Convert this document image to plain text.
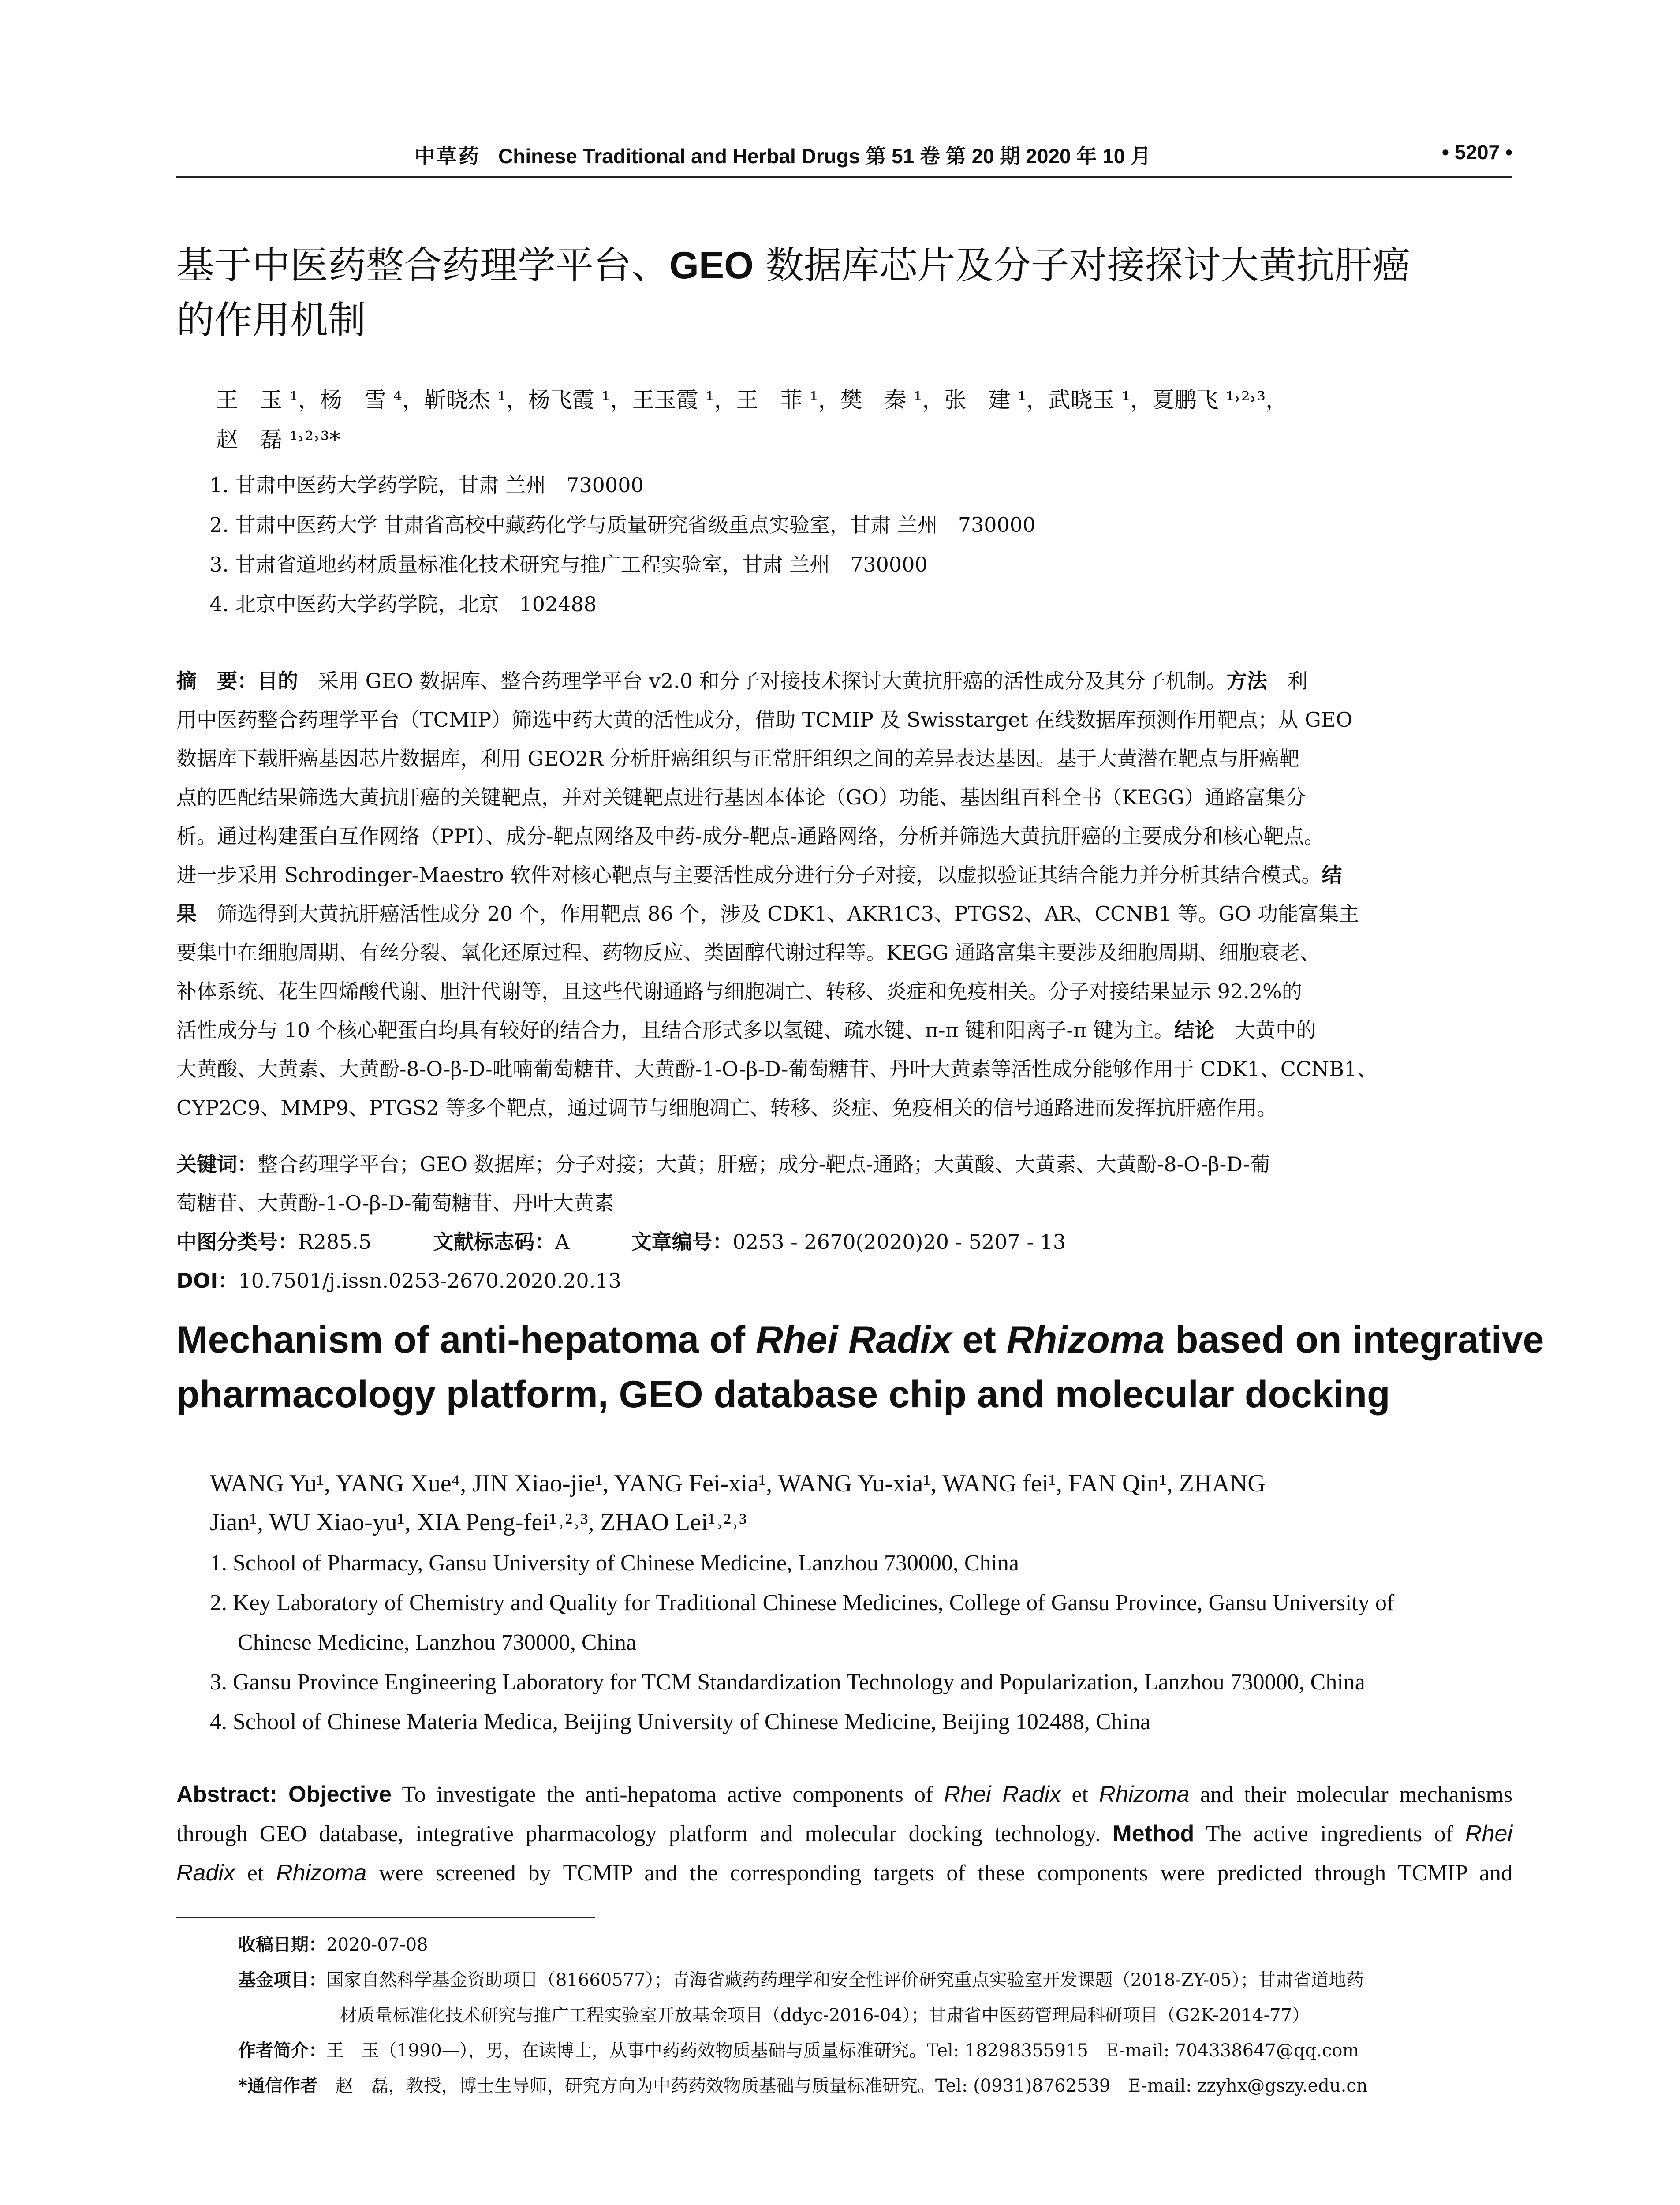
中草药 Chinese Traditional and Herbal Drugs 第 51 卷 第 20 期 2020 年 10 月	• 5207 •
基于中医药整合药理学平台、GEO 数据库芯片及分子对接探讨大黄抗肝癌
的作用机制
王　玉 ¹，杨　雪 ⁴，靳晓杰 ¹，杨飞霞 ¹，王玉霞 ¹，王　菲 ¹，樊　秦 ¹，张　建 ¹，武晓玉 ¹，夏鹏飞 ¹˒²˒³，
赵　磊 ¹˒²˒³*
1. 甘肃中医药大学药学院，甘肃 兰州　730000
2. 甘肃中医药大学 甘肃省高校中藏药化学与质量研究省级重点实验室，甘肃 兰州　730000
3. 甘肃省道地药材质量标准化技术研究与推广工程实验室，甘肃 兰州　730000
4. 北京中医药大学药学院，北京　102488
摘　要：目的　采用 GEO 数据库、整合药理学平台 v2.0 和分子对接技术探讨大黄抗肝癌的活性成分及其分子机制。方法　利
用中医药整合药理学平台（TCMIP）筛选中药大黄的活性成分，借助 TCMIP 及 Swisstarget 在线数据库预测作用靶点；从 GEO
数据库下载肝癌基因芯片数据库，利用 GEO2R 分析肝癌组织与正常肝组织之间的差异表达基因。基于大黄潜在靶点与肝癌靶
点的匹配结果筛选大黄抗肝癌的关键靶点，并对关键靶点进行基因本体论（GO）功能、基因组百科全书（KEGG）通路富集分
析。通过构建蛋白互作网络（PPI）、成分-靶点网络及中药-成分-靶点-通路网络，分析并筛选大黄抗肝癌的主要成分和核心靶点。
进一步采用 Schrodinger-Maestro 软件对核心靶点与主要活性成分进行分子对接，以虚拟验证其结合能力并分析其结合模式。结
果　筛选得到大黄抗肝癌活性成分 20 个，作用靶点 86 个，涉及 CDK1、AKR1C3、PTGS2、AR、CCNB1 等。GO 功能富集主
要集中在细胞周期、有丝分裂、氧化还原过程、药物反应、类固醇代谢过程等。KEGG 通路富集主要涉及细胞周期、细胞衰老、
补体系统、花生四烯酸代谢、胆汁代谢等，且这些代谢通路与细胞凋亡、转移、炎症和免疫相关。分子对接结果显示 92.2%的
活性成分与 10 个核心靶蛋白均具有较好的结合力，且结合形式多以氢键、疏水键、π-π 键和阳离子-π 键为主。结论　大黄中的
大黄酸、大黄素、大黄酚-8-O-β-D-吡喃葡萄糖苷、大黄酚-1-O-β-D-葡萄糖苷、丹叶大黄素等活性成分能够作用于 CDK1、CCNB1、
CYP2C9、MMP9、PTGS2 等多个靶点，通过调节与细胞凋亡、转移、炎症、免疫相关的信号通路进而发挥抗肝癌作用。
关键词：整合药理学平台；GEO 数据库；分子对接；大黄；肝癌；成分-靶点-通路；大黄酸、大黄素、大黄酚-8-O-β-D-葡
萄糖苷、大黄酚-1-O-β-D-葡萄糖苷、丹叶大黄素
中图分类号：R285.5	文献标志码：A	文章编号：0253 - 2670(2020)20 - 5207 - 13
DOI：10.7501/j.issn.0253-2670.2020.20.13
Mechanism of anti-hepatoma of Rhei Radix et Rhizoma based on integrative
pharmacology platform, GEO database chip and molecular docking
WANG Yu¹, YANG Xue⁴, JIN Xiao-jie¹, YANG Fei-xia¹, WANG Yu-xia¹, WANG fei¹, FAN Qin¹, ZHANG
Jian¹, WU Xiao-yu¹, XIA Peng-fei¹˒²˒³, ZHAO Lei¹˒²˒³
1. School of Pharmacy, Gansu University of Chinese Medicine, Lanzhou 730000, China
2. Key Laboratory of Chemistry and Quality for Traditional Chinese Medicines, College of Gansu Province, Gansu University of
Chinese Medicine, Lanzhou 730000, China
3. Gansu Province Engineering Laboratory for TCM Standardization Technology and Popularization, Lanzhou 730000, China
4. School of Chinese Materia Medica, Beijing University of Chinese Medicine, Beijing 102488, China
Abstract: Objective To investigate the anti-hepatoma active components of Rhei Radix et Rhizoma and their molecular mechanisms
through GEO database, integrative pharmacology platform and molecular docking technology. Method The active ingredients of Rhei
Radix et Rhizoma were screened by TCMIP and the corresponding targets of these components were predicted through TCMIP and
收稿日期：2020-07-08
基金项目：国家自然科学基金资助项目（81660577）；青海省藏药药理学和安全性评价研究重点实验室开发课题（2018-ZY-05）；甘肃省道地药
材质量标准化技术研究与推广工程实验室开放基金项目（ddyc-2016-04）；甘肃省中医药管理局科研项目（G2K-2014-77）
作者简介：王　玉（1990—），男，在读博士，从事中药药效物质基础与质量标准研究。Tel: 18298355915　E-mail: 704338647@qq.com
*通信作者　赵　磊，教授，博士生导师，研究方向为中药药效物质基础与质量标准研究。Tel: (0931)8762539　E-mail: zzyhx@gszy.edu.cn
